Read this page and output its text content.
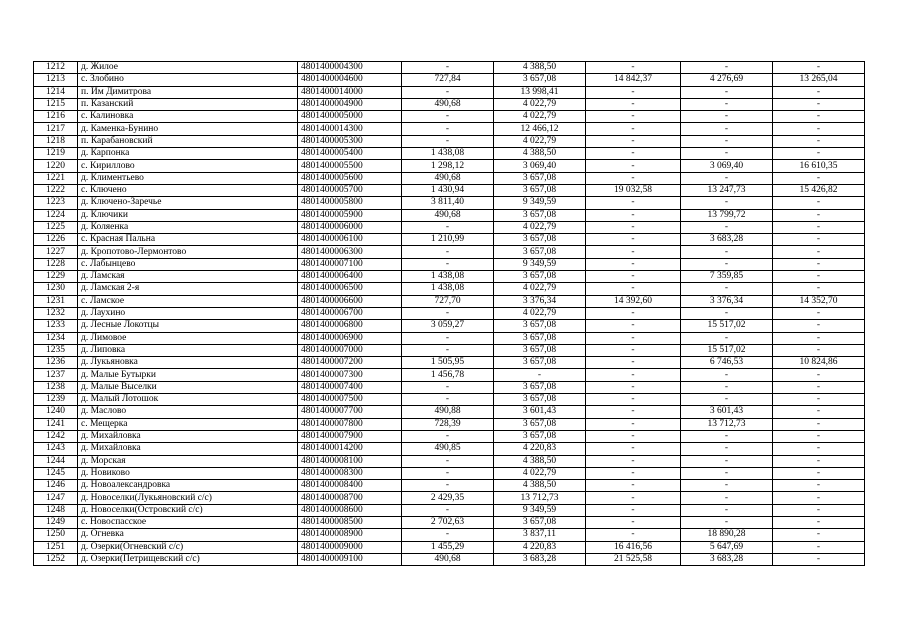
1212	д. Жилое	4801400004300	-	4 388,50	-	-	-
1213	с. Злобино	4801400004600	727,84	3 657,08	14 842,37	4 276,69	13 265,04
1214	п. Им Димитрова	4801400014000	-	13 998,41	-	-	-
1215	п. Казанский	4801400004900	490,68	4 022,79	-	-	-
1216	с. Калиновка	4801400005000	-	4 022,79	-	-	-
1217	д. Каменка-Бунино	4801400014300	-	12 466,12	-	-	-
1218	п. Карабановский	4801400005300	-	4 022,79	-	-	-
1219	д. Карпонка	4801400005400	1 438,08	4 388,50	-	-	-
1220	с. Кириллово	4801400005500	1 298,12	3 069,40	-	3 069,40	16 610,35
1221	д. Климентьево	4801400005600	490,68	3 657,08	-	-	-
1222	с. Ключено	4801400005700	1 430,94	3 657,08	19 032,58	13 247,73	15 426,82
1223	д. Ключено-Заречье	4801400005800	3 811,40	9 349,59	-	-	-
1224	д. Ключики	4801400005900	490,68	3 657,08	-	13 799,72	-
1225	д. Коляенка	4801400006000	-	4 022,79	-	-	-
1226	с. Красная Пальна	4801400006100	1 210,99	3 657,08	-	3 683,28	-
1227	д. Кропотово-Лермонтово	4801400006300	-	3 657,08	-	-	-
1228	с. Лабынцево	4801400007100	-	9 349,59	-	-	-
1229	д. Ламская	4801400006400	1 438,08	3 657,08	-	7 359,85	-
1230	д. Ламская 2-я	4801400006500	1 438,08	4 022,79	-	-	-
1231	с. Ламское	4801400006600	727,70	3 376,34	14 392,60	3 376,34	14 352,70
1232	д. Лаухино	4801400006700	-	4 022,79	-	-	-
1233	д. Лесные Локотцы	4801400006800	3 059,27	3 657,08	-	15 517,02	-
1234	д. Лимовое	4801400006900	-	3 657,08	-	-	-
1235	д. Липовка	4801400007000	-	3 657,08	-	15 517,02	-
1236	д. Лукьяновка	4801400007200	1 505,95	3 657,08	-	6 746,53	10 824,86
1237	д. Малые Бутырки	4801400007300	1 456,78	-	-	-	-
1238	д. Малые Выселки	4801400007400	-	3 657,08	-	-	-
1239	д. Малый Лотошок	4801400007500	-	3 657,08	-	-	-
1240	д. Маслово	4801400007700	490,88	3 601,43	-	3 601,43	-
1241	с. Мещерка	4801400007800	728,39	3 657,08	-	13 712,73	-
1242	д. Михайловка	4801400007900	-	3 657,08	-	-	-
1243	д. Михайловка	4801400014200	490,85	4 220,83	-	-	-
1244	д. Морская	4801400008100	-	4 388,50	-	-	-
1245	д. Новиково	4801400008300	-	4 022,79	-	-	-
1246	д. Новоалександровка	4801400008400	-	4 388,50	-	-	-
1247	д. Новоселки(Лукьяновский с/с)	4801400008700	2 429,35	13 712,73	-	-	-
1248	д. Новоселки(Островский с/с)	4801400008600	-	9 349,59	-	-	-
1249	с. Новоспасское	4801400008500	2 702,63	3 657,08	-	-	-
1250	д. Огневка	4801400008900	-	3 837,11	-	18 890,28	-
1251	д. Озерки(Огневский с/с)	4801400009000	1 455,29	4 220,83	16 416,56	5 647,69	-
1252	д. Озерки(Петрищевский с/с)	4801400009100	490,68	3 683,28	21 525,58	3 683,28	-
